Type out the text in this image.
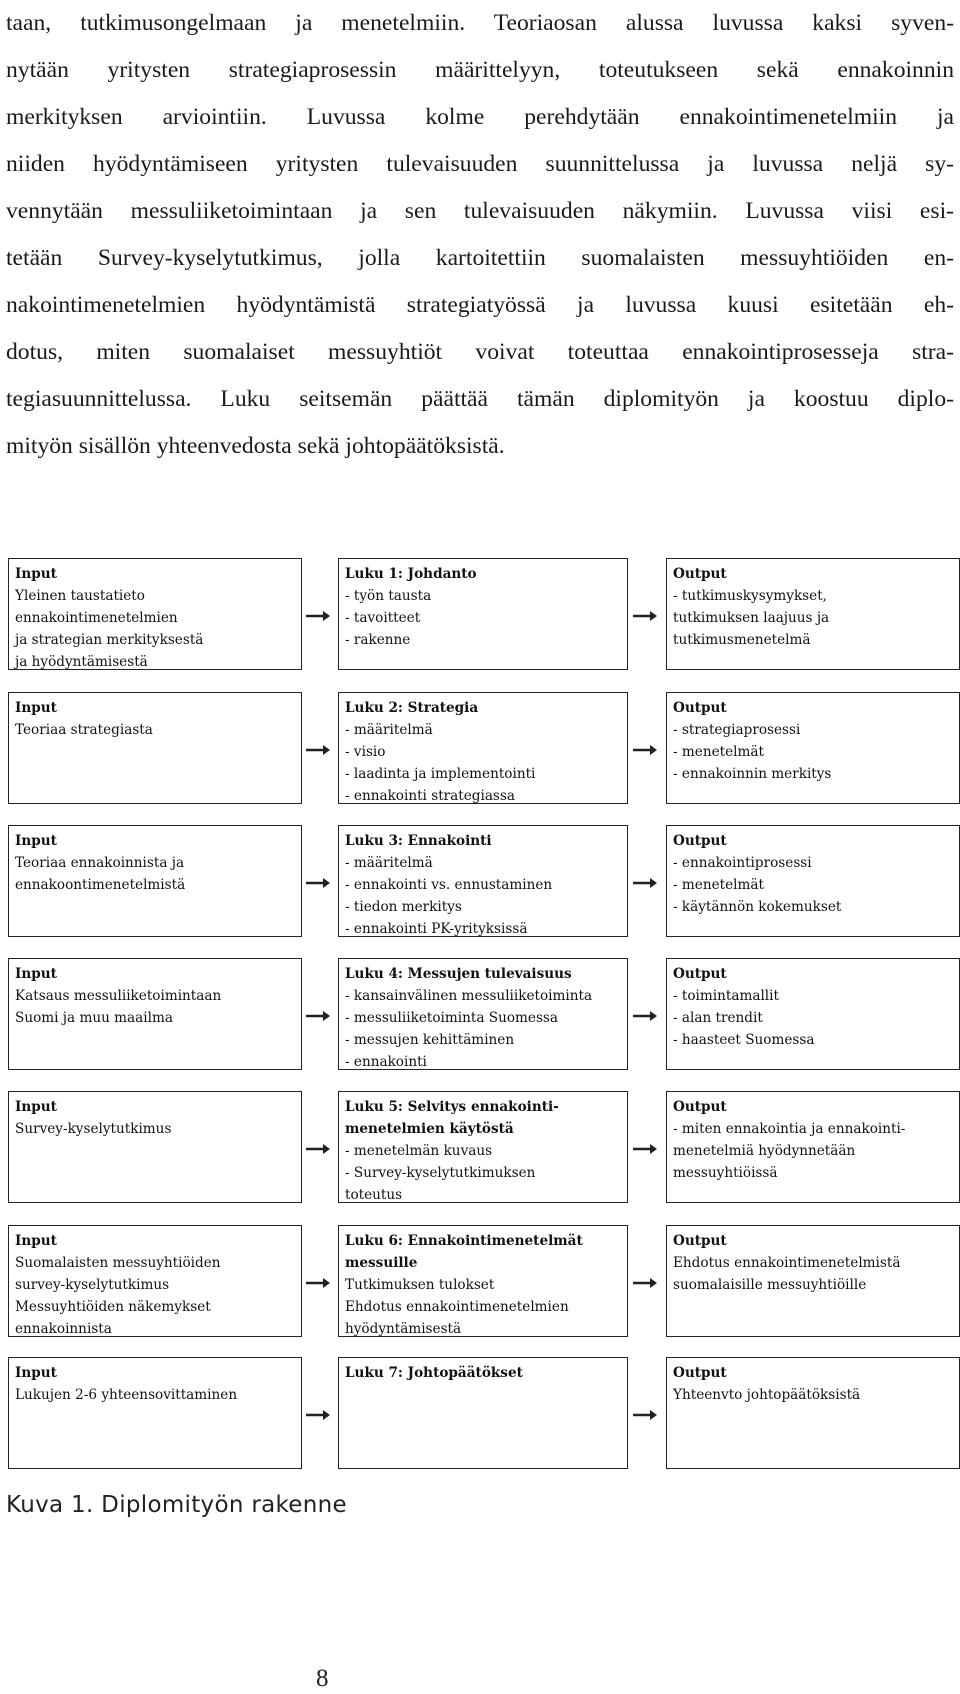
taan, tutkimusongelmaan ja menetelmiin. Teoriaosan alussa luvussa kaksi syven-
nytään yritysten strategiaprosessin määrittelyyn, toteutukseen sekä ennakoinnin
merkityksen arviointiin. Luvussa kolme perehdytään ennakointimenetelmiin ja
niiden hyödyntämiseen yritysten tulevaisuuden suunnittelussa ja luvussa neljä sy-
vennytään messuliiketoimintaan ja sen tulevaisuuden näkymiin. Luvussa viisi esi-
tetään Survey-kyselytutkimus, jolla kartoitettiin suomalaisten messuyhtiöiden en-
nakointimenetelmien hyödyntämistä strategiatyössä ja luvussa kuusi esitetään eh-
dotus, miten suomalaiset messuyhtiöt voivat toteuttaa ennakointiprosesseja stra-
tegiasuunnittelussa. Luku seitsemän päättää tämän diplomityön ja koostuu diplo-
mityön sisällön yhteenvedosta sekä johtopäätöksistä.
Input
Yleinen taustatieto
ennakointimenetelmien
ja strategian merkityksestä
ja hyödyntämisestä
Luku 1: Johdanto
- työn tausta
- tavoitteet
- rakenne
Output
- tutkimuskysymykset,
tutkimuksen laajuus ja
tutkimusmenetelmä
Input
Teoriaa strategiasta
Luku 2: Strategia
- määritelmä
- visio
- laadinta ja implementointi
- ennakointi strategiassa
Output
- strategiaprosessi
- menetelmät
- ennakoinnin merkitys
Input
Teoriaa ennakoinnista ja
ennakoontimenetelmistä
Luku 3: Ennakointi
- määritelmä
- ennakointi vs. ennustaminen
- tiedon merkitys
- ennakointi PK-yrityksissä
Output
- ennakointiprosessi
- menetelmät
- käytännön kokemukset
Input
Katsaus messuliiketoimintaan
Suomi ja muu maailma
Luku 4: Messujen tulevaisuus
- kansainvälinen messuliiketoiminta
- messuliiketoiminta Suomessa
- messujen kehittäminen
- ennakointi
Output
- toimintamallit
- alan trendit
- haasteet Suomessa
Input
Survey-kyselytutkimus
Luku 5: Selvitys ennakointi-
menetelmien käytöstä
- menetelmän kuvaus
- Survey-kyselytutkimuksen
toteutus
Output
- miten ennakointia ja ennakointi-
menetelmiä hyödynnetään
messuyhtiöissä
Input
Suomalaisten messuyhtiöiden
survey-kyselytutkimus
Messuyhtiöiden näkemykset
ennakoinnista
Luku 6: Ennakointimenetelmät
messuille
Tutkimuksen tulokset
Ehdotus ennakointimenetelmien
hyödyntämisestä
Output
Ehdotus ennakointimenetelmistä
suomalaisille messuyhtiöille
Input
Lukujen 2-6 yhteensovittaminen
Luku 7: Johtopäätökset	Output
Yhteenvto johtopäätöksistä
Kuva 1. Diplomityön rakenne
8
